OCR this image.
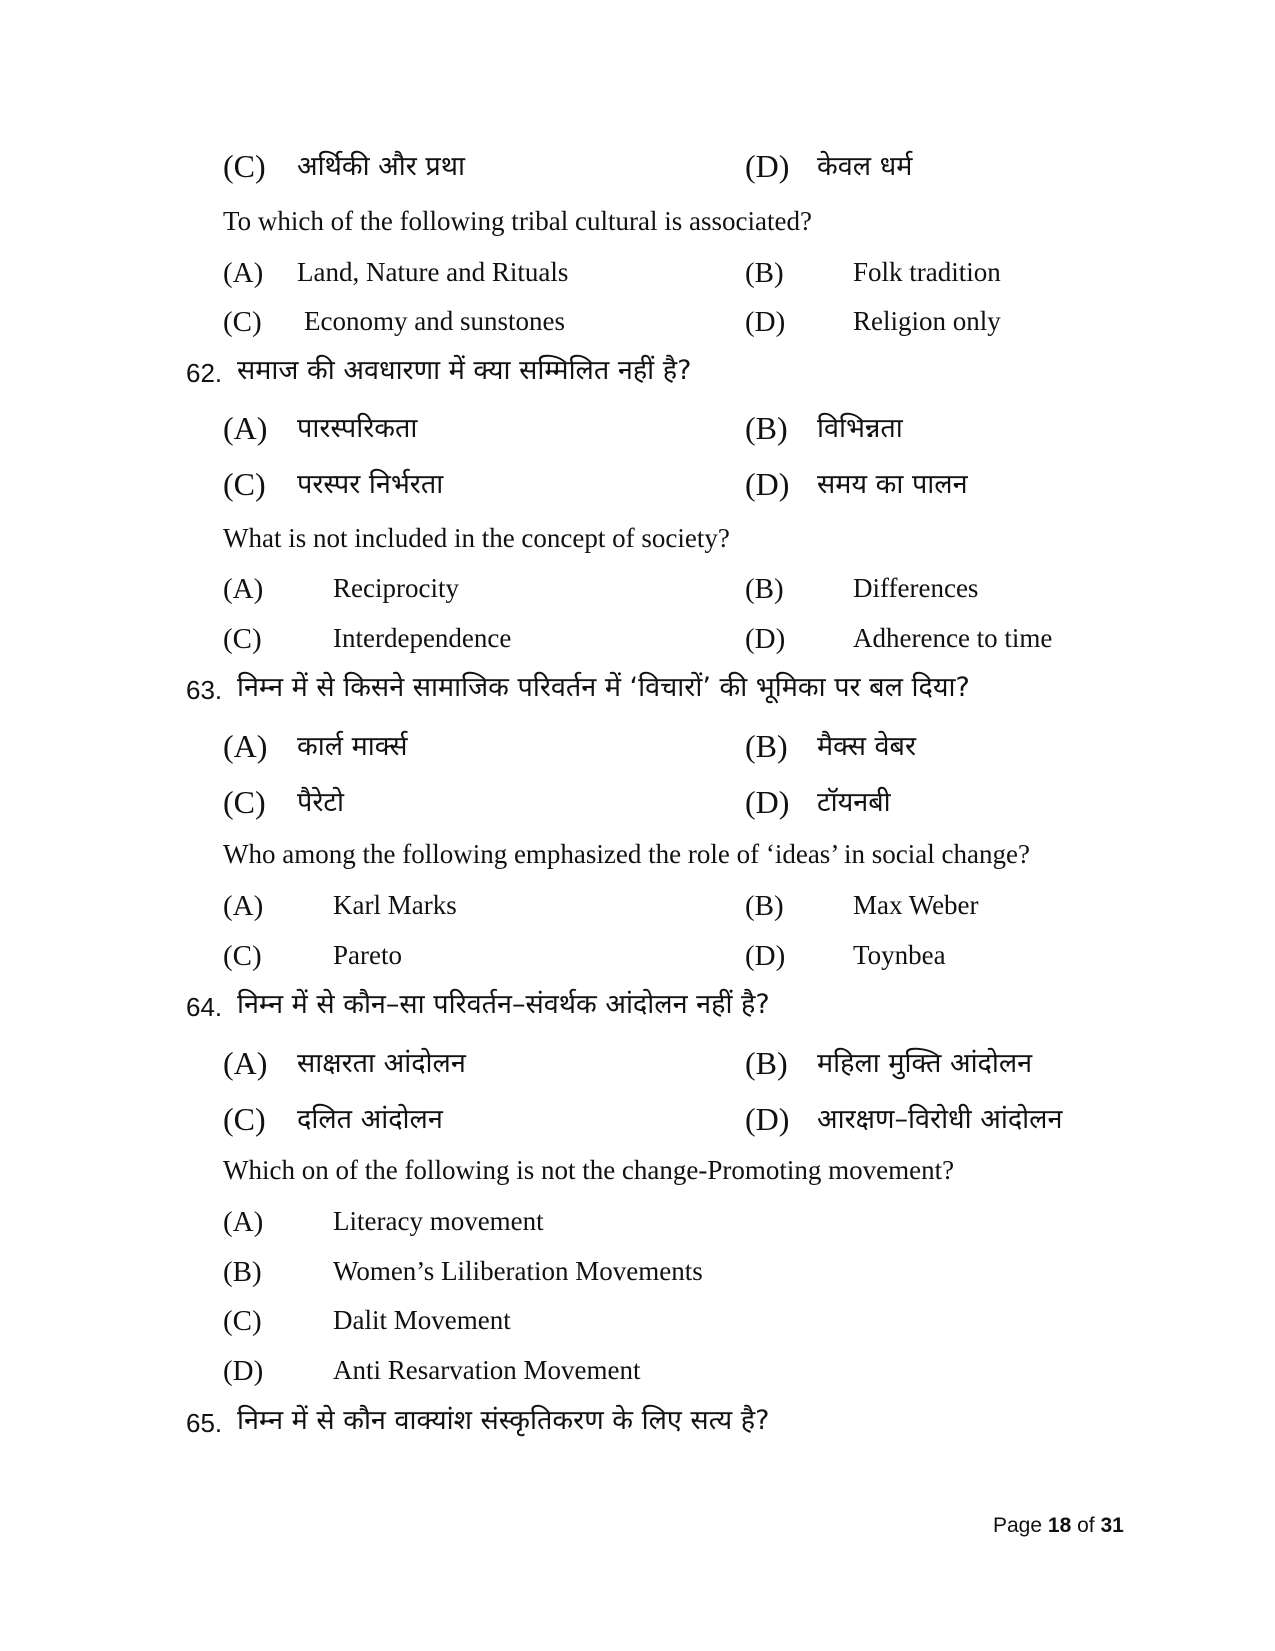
(C) अर्थिकी और प्रथा	(D) केवल धर्म
To which of the following tribal cultural is associated?
(A) Land, Nature and Rituals	(B)	Folk tradition
(C) Economy and sunstones	(D)	Religion only
62. समाज की अवधारणा में क्या सम्मिलित नहीं है?
(A) पारस्परिकता	(B) विभिन्नता
(C) परस्पर निर्भरता	(D) समय का पालन
What is not included in the concept of society?
(A)	Reciprocity	(B)	Differences
(C)	Interdependence	(D)	Adherence to time
63. निम्न में से किसने सामाजिक परिवर्तन में ‘विचारों’ की भूमिका पर बल दिया?
(A) कार्ल मार्क्स	(B) मैक्स वेबर
(C) पैरेटो	(D) टॉयनबी
Who among the following emphasized the role of ‘ideas’ in social change?
(A)	Karl Marks	(B)	Max Weber
(C)	Pareto	(D)	Toynbea
64. निम्न में से कौन–सा परिवर्तन–संवर्थक आंदोलन नहीं है?
(A) साक्षरता आंदोलन	(B) महिला मुक्ति आंदोलन
(C) दलित आंदोलन	(D) आरक्षण–विरोधी आंदोलन
Which on of the following is not the change-Promoting movement?
(A)	Literacy movement
(B)	Women’s Liliberation Movements
(C)	Dalit Movement
(D)	Anti Resarvation Movement
65. निम्न में से कौन वाक्यांश संस्कृतिकरण के लिए सत्य है?
Page 18 of 31
